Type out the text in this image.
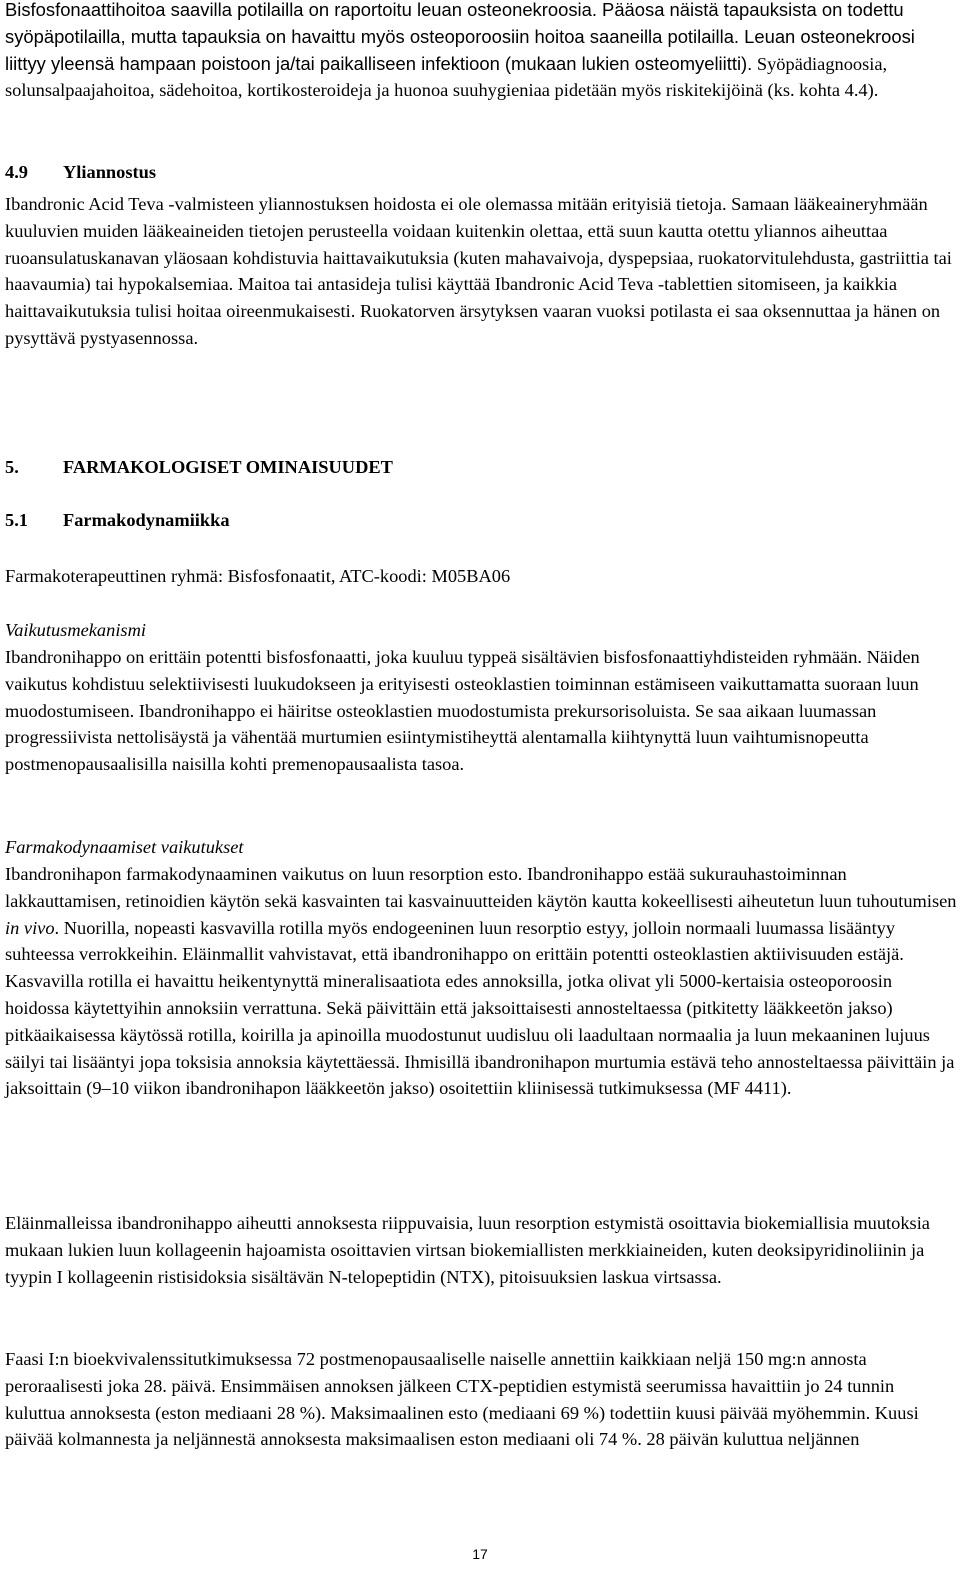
Bisfosfonaattihoitoa saavilla potilailla on raportoitu leuan osteonekroosia. Pääosa näistä tapauksista on todettu syöpäpotilailla, mutta tapauksia on havaittu myös osteoporoosiin hoitoa saaneilla potilailla. Leuan osteonekroosi liittyy yleensä hampaan poistoon ja/tai paikalliseen infektioon (mukaan lukien osteomyeliitti). Syöpädiagnoosia, solunsalpaajahoitoa, sädehoitoa, kortikosteroideja ja huonoa suuhygieniaa pidetään myös riskitekijöinä (ks. kohta 4.4).

4.9 Yliannostus

Ibandronic Acid Teva -valmisteen yliannostuksen hoidosta ei ole olemassa mitään erityisiä tietoja. Samaan lääkeaineryhmään kuuluvien muiden lääkeaineiden tietojen perusteella voidaan kuitenkin olettaa, että suun kautta otettu yliannos aiheuttaa ruoansulatuskanavan yläosaan kohdistuvia haittavaikutuksia (kuten mahavaivoja, dyspepsiaa, ruokatorvitulehdusta, gastriittia tai haavaumia) tai hypokalsemiaa. Maitoa tai antasideja tulisi käyttää Ibandronic Acid Teva -tablettien sitomiseen, ja kaikkia haittavaikutuksia tulisi hoitaa oireenmukaisesti. Ruokatorven ärsytyksen vaaran vuoksi potilasta ei saa oksennuttaa ja hänen on pysyttävä pystyasennossa.

5. FARMAKOLOGISET OMINAISUUDET
5.1 Farmakodynamiikka

Farmakoterapeuttinen ryhmä: Bisfosfonaatit, ATC-koodi: M05BA06

Vaikutusmekanismi

Ibandronihappo on erittäin potentti bisfosfonaatti, joka kuuluu typpeä sisältävien bisfosfonaattiyhdisteiden ryhmään. Näiden vaikutus kohdistuu selektiivisesti luukudokseen ja erityisesti osteoklastien toiminnan estämiseen vaikuttamatta suoraan luun muodostumiseen. Ibandronihappo ei häiritse osteoklastien muodostumista prekursorisoluista. Se saa aikaan luumassan progressiivista nettolisäystä ja vähentää murtumien esiintymistiheyttä alentamalla kiihtynyttä luun vaihtumisnopeutta postmenopausaalisilla naisilla kohti premenopausaalista tasoa.

Farmakodynaamiset vaikutukset

Ibandronihapon farmakodynaaminen vaikutus on luun resorption esto. Ibandronihappo estää sukurauhastoiminnan lakkauttamisen, retinoidien käytön sekä kasvainten tai kasvainuutteiden käytön kautta kokeellisesti aiheutetun luun tuhoutumisen in vivo. Nuorilla, nopeasti kasvavilla rotilla myös endogeeninen luun resorptio estyy, jolloin normaali luumassa lisääntyy suhteessa verrokkeihin. Eläinmallit vahvistavat, että ibandronihappo on erittäin potentti osteoklastien aktiivisuuden estäjä. Kasvavilla rotilla ei havaittu heikentynyttä mineralisaatiota edes annoksilla, jotka olivat yli 5000-kertaisia osteoporoosin hoidossa käytettyihin annoksiin verrattuna. Sekä päivittäin että jaksoittaisesti annosteltaessa (pitkitetty lääkkeetön jakso) pitkäaikaisessa käytössä rotilla, koirilla ja apinoilla muodostunut uudisluu oli laadultaan normaalia ja luun mekaaninen lujuus säilyi tai lisääntyi jopa toksisia annoksia käytettäessä. Ihmisillä ibandronihapon murtumia estävä teho annosteltaessa päivittäin ja jaksoittain (9–10 viikon ibandronihapon lääkkeetön jakso) osoitettiin kliinisessä tutkimuksessa (MF 4411).

Eläinmalleissa ibandronihappo aiheutti annoksesta riippuvaisia, luun resorption estymistä osoittavia biokemiallisia muutoksia mukaan lukien luun kollageenin hajoamista osoittavien virtsan biokemiallisten merkkiaineiden, kuten deoksipyridinoliinin ja tyypin I kollageenin ristisidoksia sisältävän N-telopeptidin (NTX), pitoisuuksien laskua virtsassa.

Faasi I:n bioekvivalenssitutkimuksessa 72 postmenopausaaliselle naiselle annettiin kaikkiaan neljä 150 mg:n annosta peroraalisesti joka 28. päivä. Ensimmäisen annoksen jälkeen CTX-peptidien estymistä seerumissa havaittiin jo 24 tunnin kuluttua annoksesta (eston mediaani 28 %). Maksimaalinen esto (mediaani 69 %) todettiin kuusi päivää myöhemmin. Kuusi päivää kolmannesta ja neljännestä annoksesta maksimaalisen eston mediaani oli 74 %. 28 päivän kuluttua neljännen

17
